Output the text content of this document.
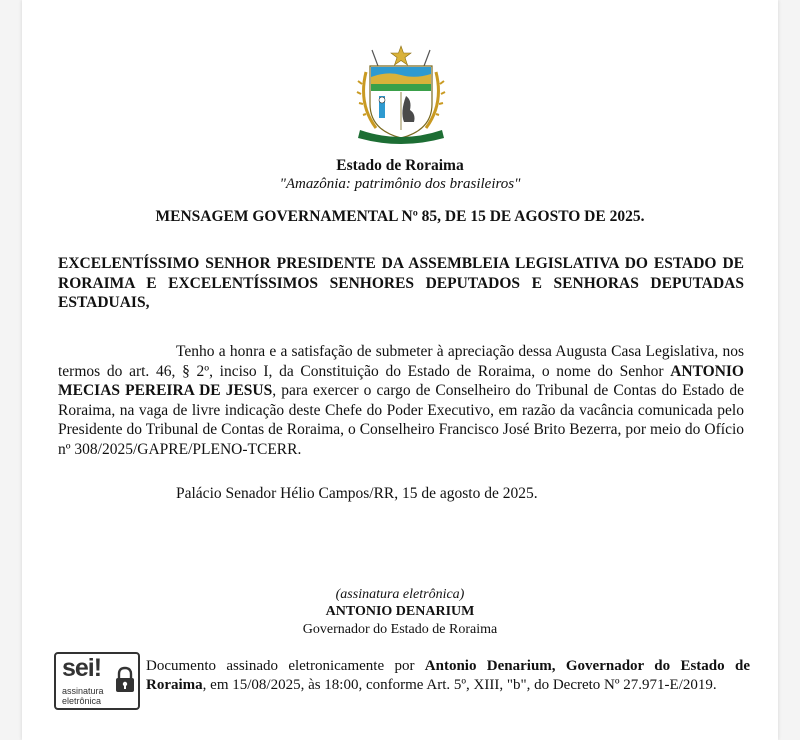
Estado de Roraima
"Amazônia: patrimônio dos brasileiros"
MENSAGEM GOVERNAMENTAL Nº 85, DE 15 DE AGOSTO DE 2025.
EXCELENTÍSSIMO SENHOR PRESIDENTE DA ASSEMBLEIA LEGISLATIVA DO ESTADO DE RORAIMA E EXCELENTÍSSIMOS SENHORES DEPUTADOS E SENHORAS DEPUTADAS ESTADUAIS,
Tenho a honra e a satisfação de submeter à apreciação dessa Augusta Casa Legislativa, nos termos do art. 46, § 2º, inciso I, da Constituição do Estado de Roraima, o nome do Senhor ANTONIO MECIAS PEREIRA DE JESUS, para exercer o cargo de Conselheiro do Tribunal de Contas do Estado de Roraima, na vaga de livre indicação deste Chefe do Poder Executivo, em razão da vacância comunicada pelo Presidente do Tribunal de Contas de Roraima, o Conselheiro Francisco José Brito Bezerra, por meio do Ofício nº 308/2025/GAPRE/PLENO-TCERR.
Palácio Senador Hélio Campos/RR, 15 de agosto de 2025.
(assinatura eletrônica)
ANTONIO DENARIUM
Governador do Estado de Roraima
sei!
assinatura
eletrônica
Documento assinado eletronicamente por Antonio Denarium, Governador do Estado de Roraima, em 15/08/2025, às 18:00, conforme Art. 5º, XIII, "b", do Decreto Nº 27.971-E/2019.
